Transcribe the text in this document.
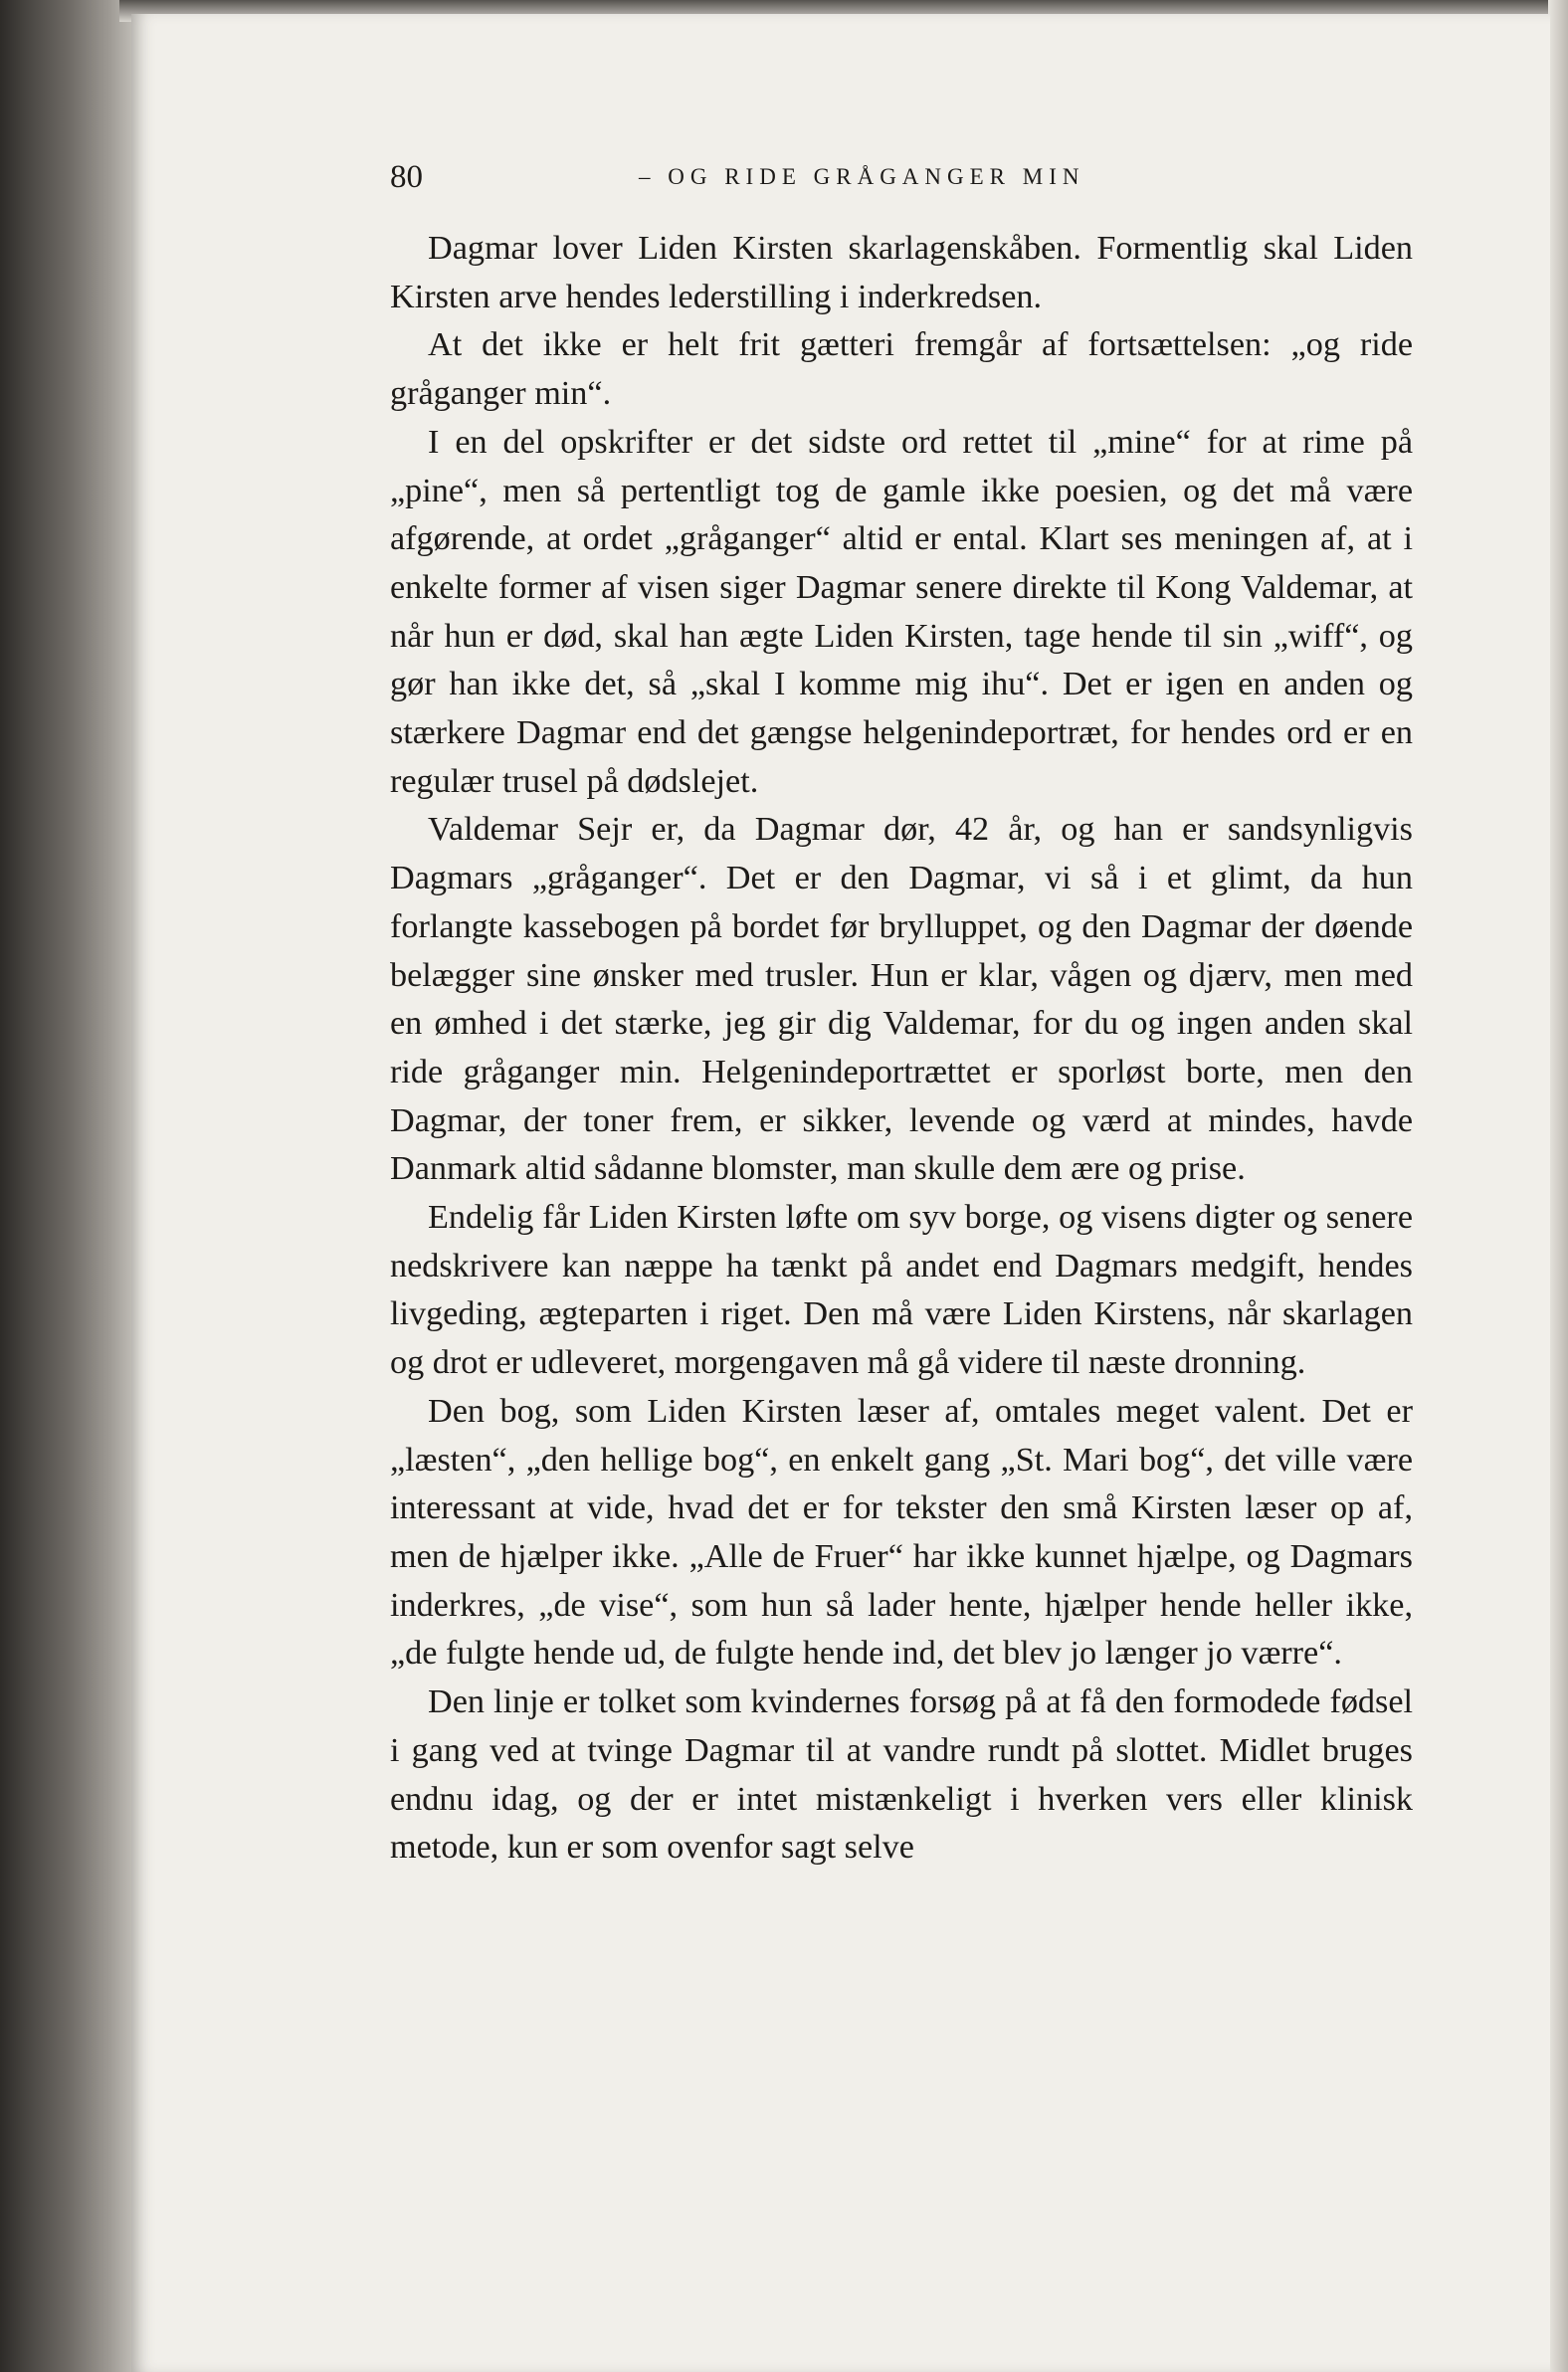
80	– OG RIDE GRÅGANGER MIN

Dagmar lover Liden Kirsten skarlagenskåben. Formentlig skal Liden Kirsten arve hendes lederstilling i inderkredsen.

At det ikke er helt frit gætteri fremgår af fortsættelsen: „og ride gråganger min“.

I en del opskrifter er det sidste ord rettet til „mine“ for at rime på „pine“, men så pertentligt tog de gamle ikke poesien, og det må være afgørende, at ordet „gråganger“ altid er ental. Klart ses meningen af, at i enkelte former af visen siger Dagmar senere direkte til Kong Valdemar, at når hun er død, skal han ægte Liden Kirsten, tage hende til sin „wiff“, og gør han ikke det, så „skal I komme mig ihu“. Det er igen en anden og stærkere Dagmar end det gængse helgenindeportræt, for hendes ord er en regulær trusel på dødslejet.

Valdemar Sejr er, da Dagmar dør, 42 år, og han er sandsynligvis Dagmars „gråganger“. Det er den Dagmar, vi så i et glimt, da hun forlangte kassebogen på bordet før brylluppet, og den Dagmar der døende belægger sine ønsker med trusler. Hun er klar, vågen og djærv, men med en ømhed i det stærke, jeg gir dig Valdemar, for du og ingen anden skal ride gråganger min. Helgenindeportrættet er sporløst borte, men den Dagmar, der toner frem, er sikker, levende og værd at mindes, havde Danmark altid sådanne blomster, man skulle dem ære og prise.

Endelig får Liden Kirsten løfte om syv borge, og visens digter og senere nedskrivere kan næppe ha tænkt på andet end Dagmars medgift, hendes livgeding, ægteparten i riget. Den må være Liden Kirstens, når skarlagen og drot er udleveret, morgengaven må gå videre til næste dronning.

Den bog, som Liden Kirsten læser af, omtales meget valent. Det er „læsten“, „den hellige bog“, en enkelt gang „St. Mari bog“, det ville være interessant at vide, hvad det er for tekster den små Kirsten læser op af, men de hjælper ikke. „Alle de Fruer“ har ikke kunnet hjælpe, og Dagmars inderkres, „de vise“, som hun så lader hente, hjælper hende heller ikke, „de fulgte hende ud, de fulgte hende ind, det blev jo længer jo værre“.

Den linje er tolket som kvindernes forsøg på at få den formodede fødsel i gang ved at tvinge Dagmar til at vandre rundt på slottet. Midlet bruges endnu idag, og der er intet mistænkeligt i hverken vers eller klinisk metode, kun er som ovenfor sagt selve
